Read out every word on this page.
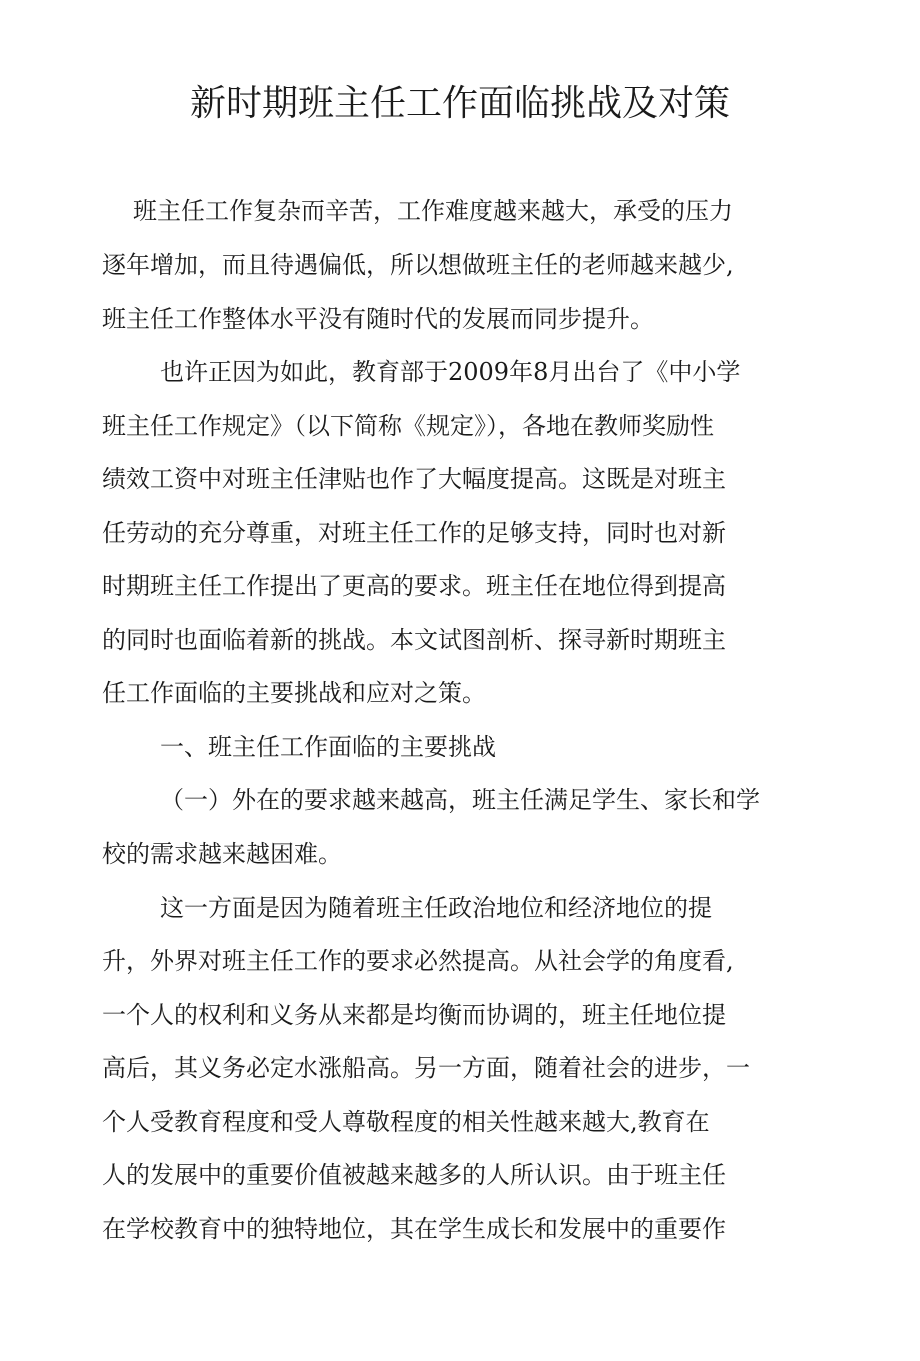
新时期班主任工作面临挑战及对策
班主任工作复杂而辛苦，工作难度越来越大，承受的压力
逐年增加，而且待遇偏低，所以想做班主任的老师越来越少,
班主任工作整体水平没有随时代的发展而同步提升。
也许正因为如此，教育部于2009年8月出台了《中小学
班主任工作规定》（以下简称《规定》），各地在教师奖励性
绩效工资中对班主任津贴也作了大幅度提高。这既是对班主
任劳动的充分尊重，对班主任工作的足够支持，同时也对新
时期班主任工作提出了更高的要求。班主任在地位得到提高
的同时也面临着新的挑战。本文试图剖析、探寻新时期班主
任工作面临的主要挑战和应对之策。
一、班主任工作面临的主要挑战
（一）外在的要求越来越高，班主任满足学生、家长和学
校的需求越来越困难。
这一方面是因为随着班主任政治地位和经济地位的提
升，外界对班主任工作的要求必然提高。从社会学的角度看,
一个人的权利和义务从来都是均衡而协调的，班主任地位提
高后，其义务必定水涨船高。另一方面，随着社会的进步，一
个人受教育程度和受人尊敬程度的相关性越来越大,教育在
人的发展中的重要价值被越来越多的人所认识。由于班主任
在学校教育中的独特地位，其在学生成长和发展中的重要作
